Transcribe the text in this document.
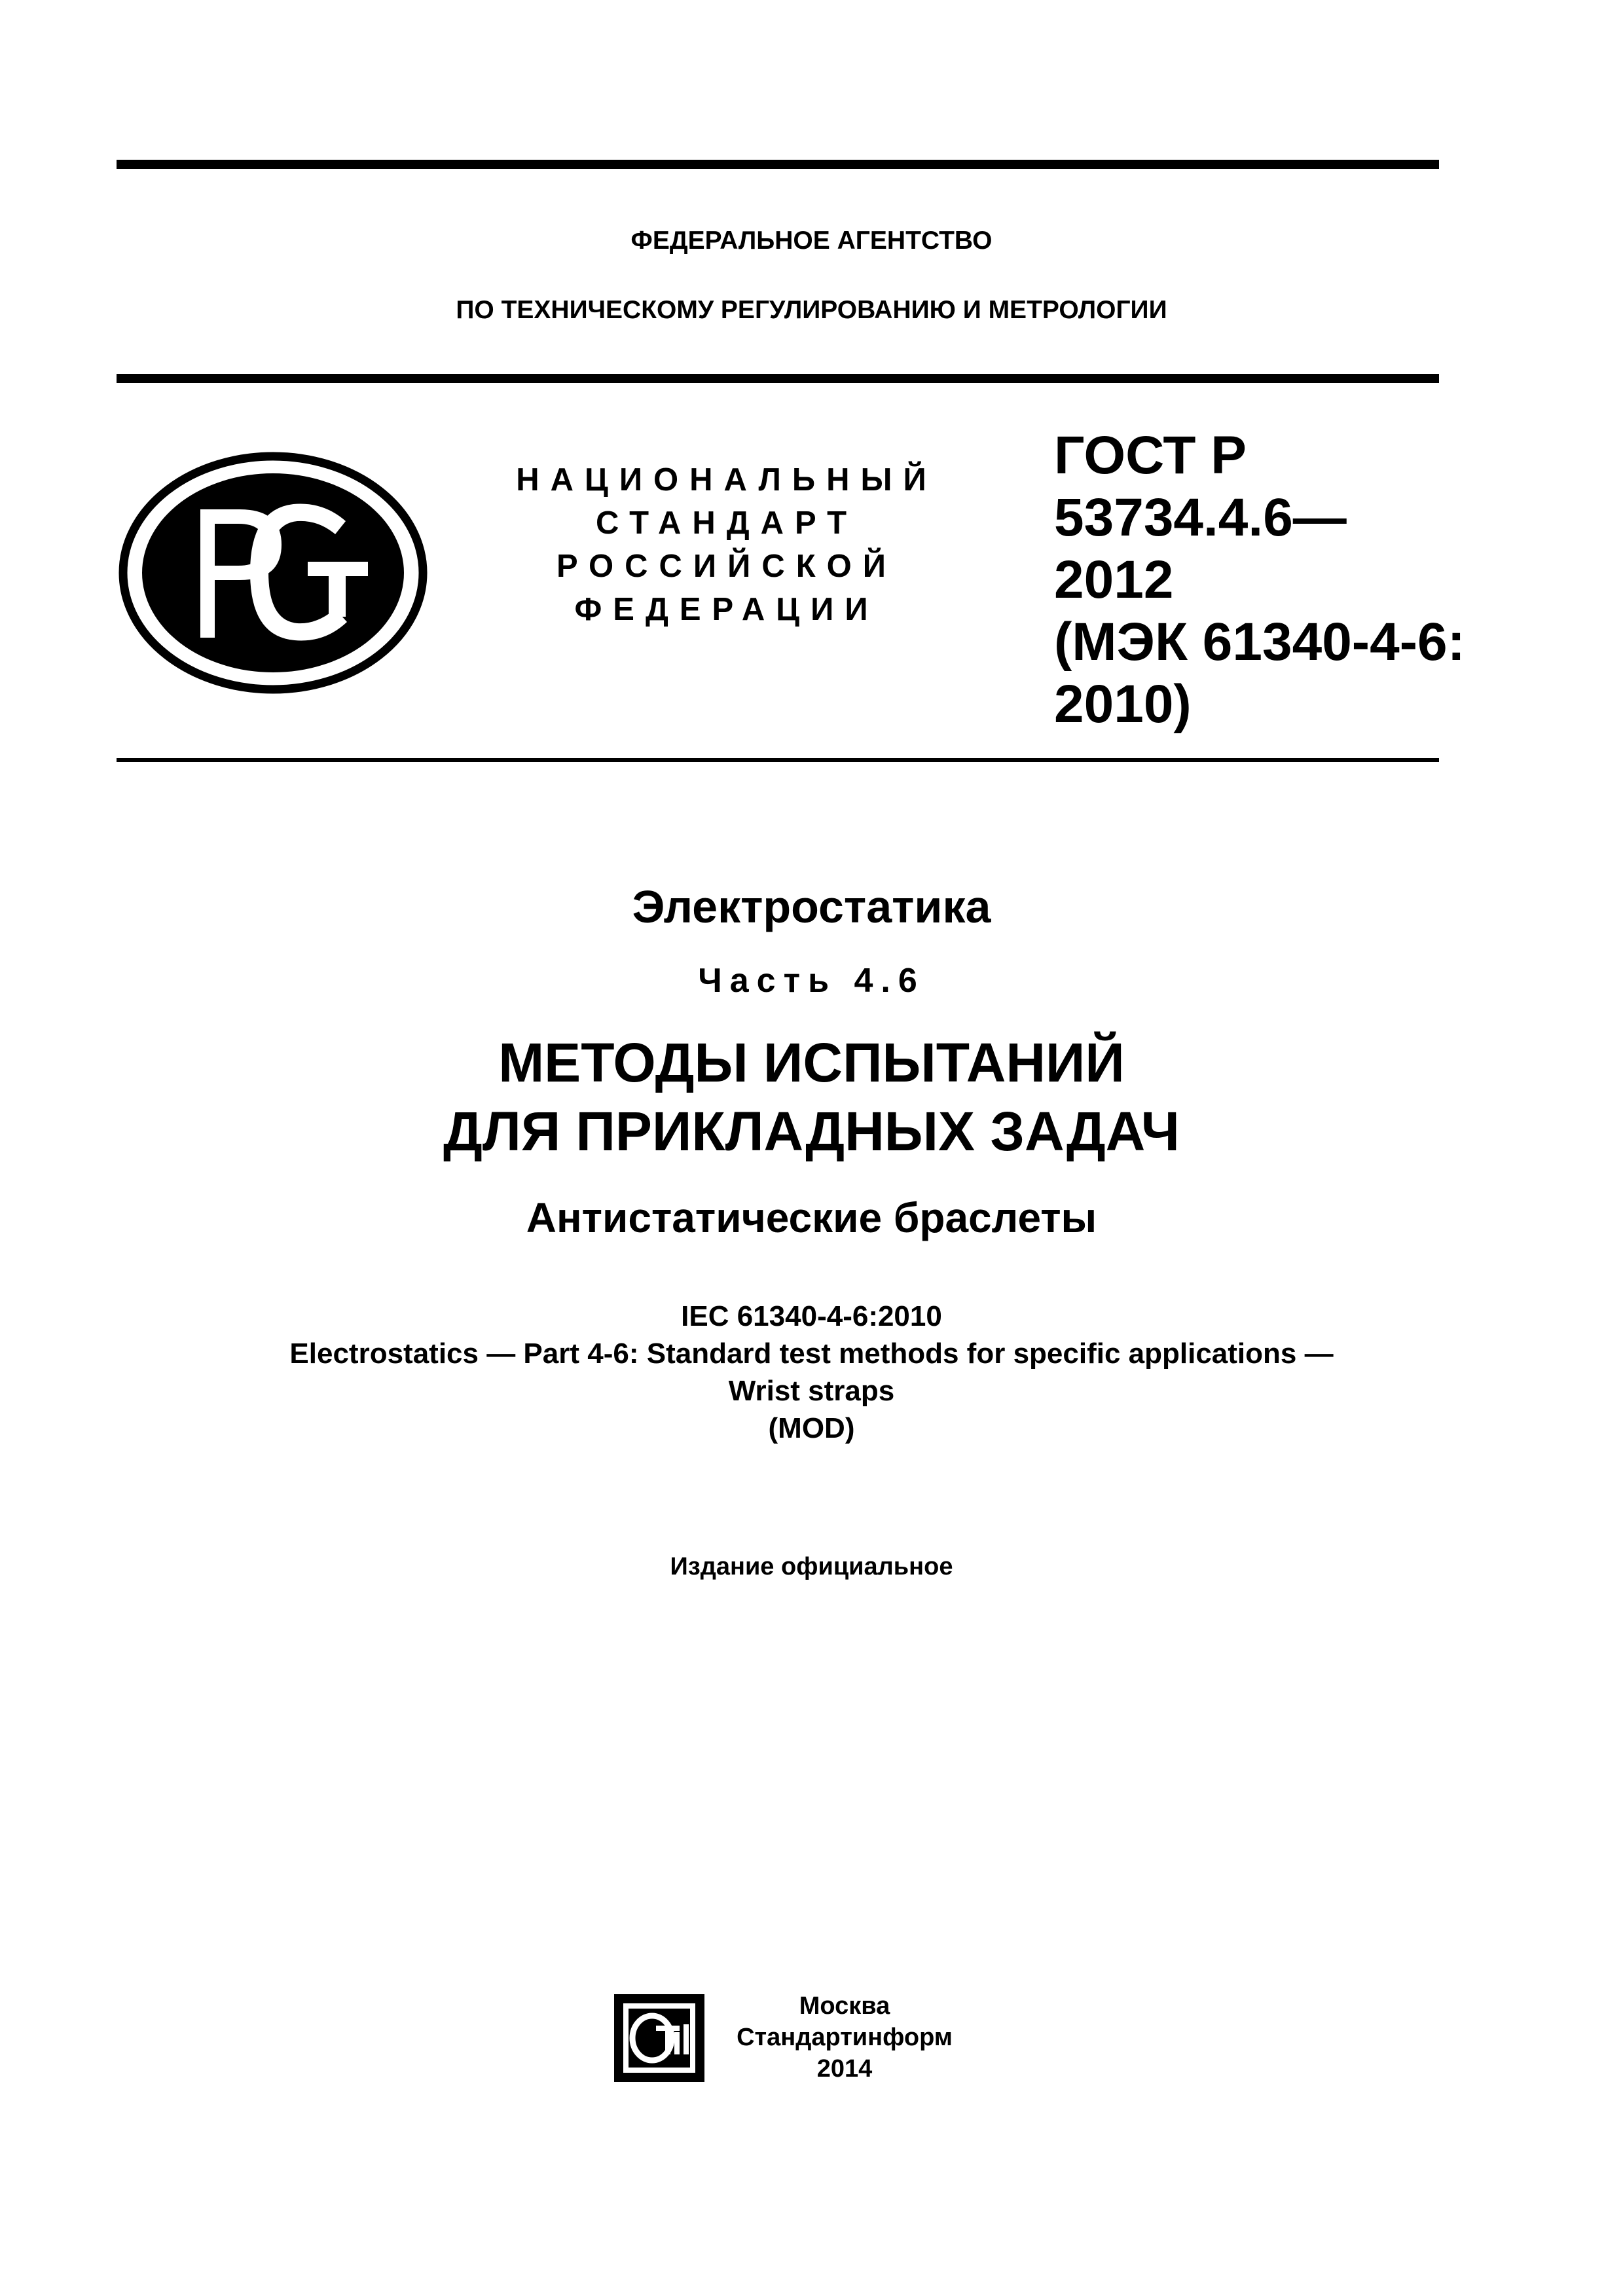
ФЕДЕРАЛЬНОЕ АГЕНТСТВО
ПО ТЕХНИЧЕСКОМУ РЕГУЛИРОВАНИЮ И МЕТРОЛОГИИ
НАЦИОНАЛЬНЫЙ
СТАНДАРТ
РОССИЙСКОЙ
ФЕДЕРАЦИИ
ГОСТ Р
53734.4.6—
2012
(МЭК 61340-4-6:
2010)
Электростатика
Часть 4.6
МЕТОДЫ ИСПЫТАНИЙ
ДЛЯ ПРИКЛАДНЫХ ЗАДАЧ
Антистатические браслеты
IEC 61340-4-6:2010
Electrostatics — Part 4-6: Standard test methods for specific applications —
Wrist straps
(MOD)
Издание официальное
Москва
Стандартинформ
2014
